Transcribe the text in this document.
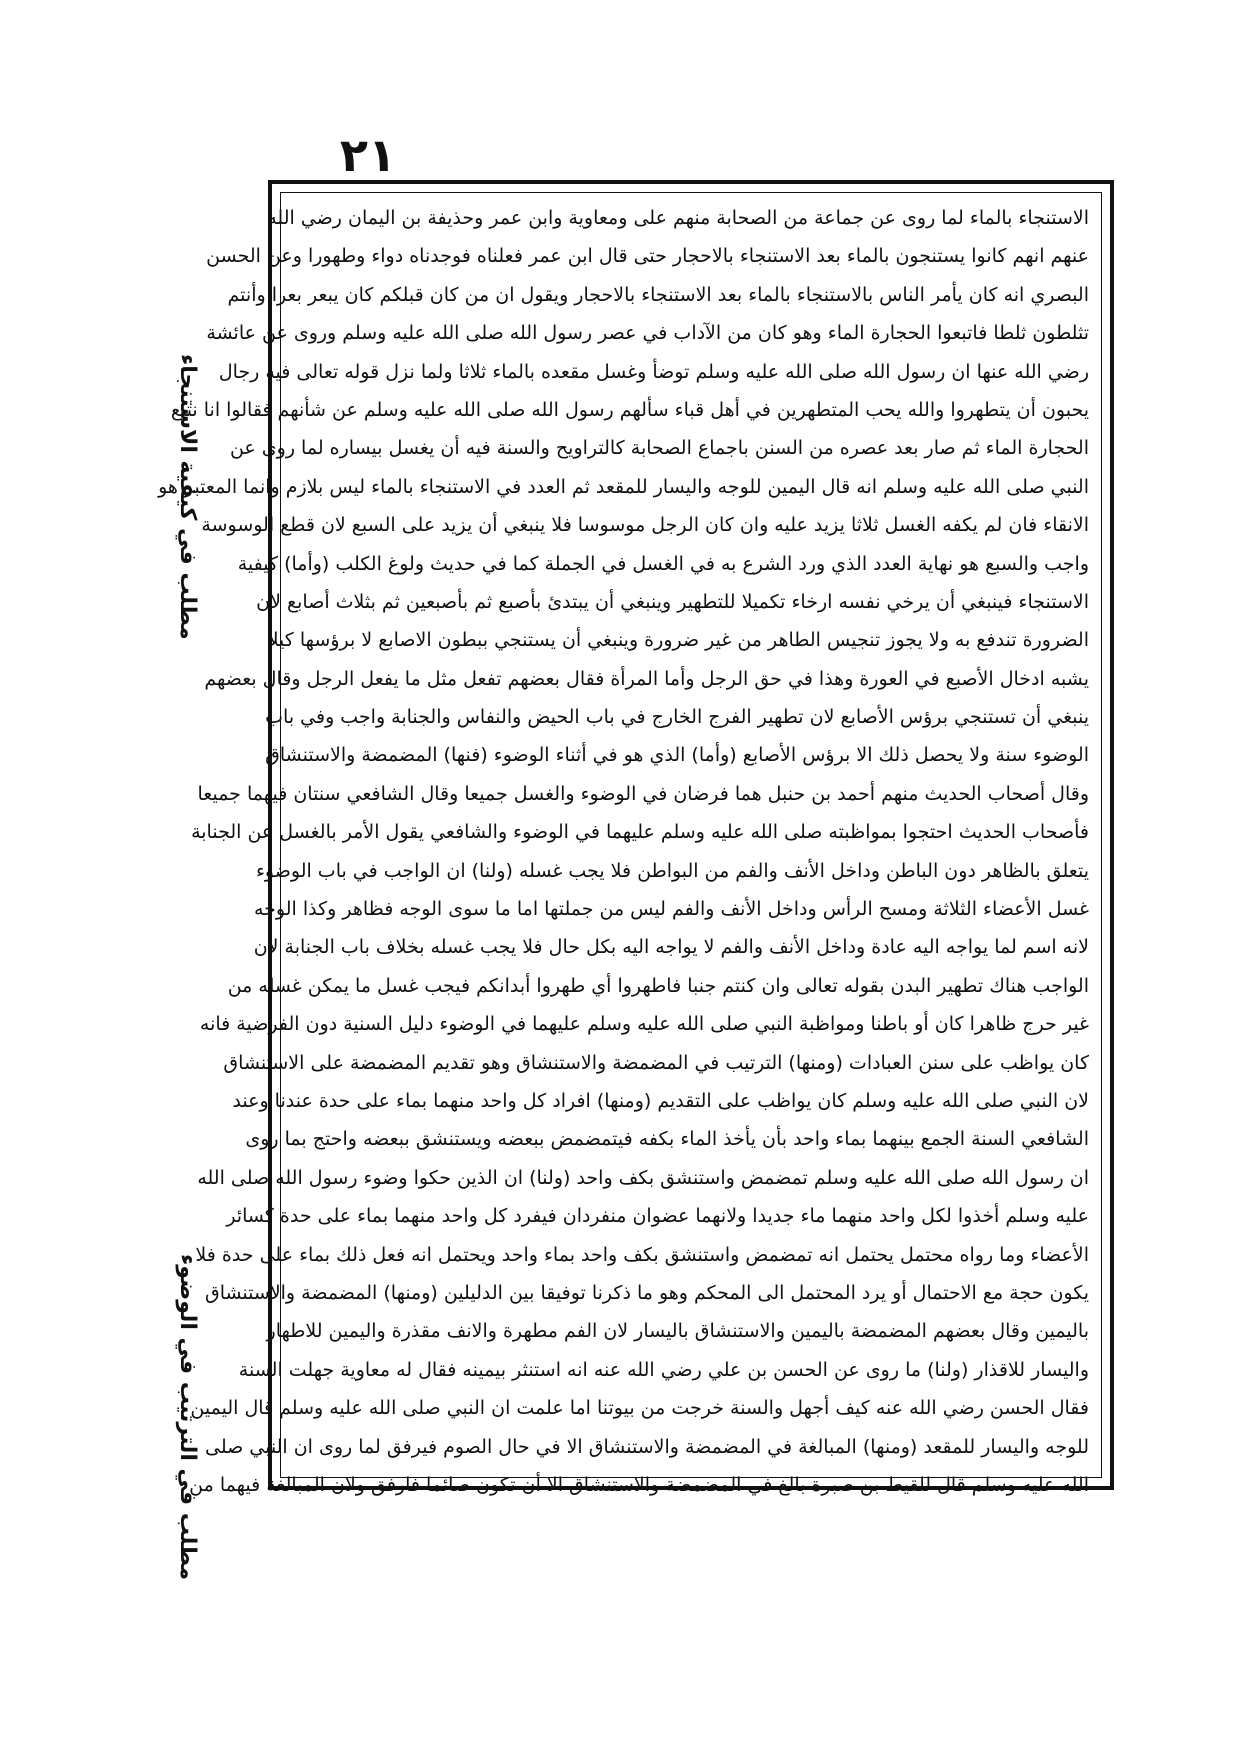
٢١
مطلب في كيفية الاستنجاء
مطلب في الترتيب في الوضوء
الاستنجاء بالماء لما روى عن جماعة من الصحابة منهم على ومعاوية وابن عمر وحذيفة بن اليمان رضي الله
عنهم انهم كانوا يستنجون بالماء بعد الاستنجاء بالاحجار حتى قال ابن عمر فعلناه فوجدناه دواء وطهورا وعن الحسن
البصري انه كان يأمر الناس بالاستنجاء بالماء بعد الاستنجاء بالاحجار ويقول ان من كان قبلكم كان يبعر بعرا وأنتم
تثلطون ثلطا فاتبعوا الحجارة الماء وهو كان من الآداب في عصر رسول الله صلى الله عليه وسلم وروى عن عائشة
رضي الله عنها ان رسول الله صلى الله عليه وسلم توضأ وغسل مقعده بالماء ثلاثا ولما نزل قوله تعالى فيه رجال
يحبون أن يتطهروا والله يحب المتطهرين في أهل قباء سألهم رسول الله صلى الله عليه وسلم عن شأنهم فقالوا انا نتبع
الحجارة الماء ثم صار بعد عصره من السنن باجماع الصحابة كالتراويح والسنة فيه أن يغسل بيساره لما روى عن
النبي صلى الله عليه وسلم انه قال اليمين للوجه واليسار للمقعد ثم العدد في الاستنجاء بالماء ليس بلازم وانما المعتبر هو
الانقاء فان لم يكفه الغسل ثلاثا يزيد عليه وان كان الرجل موسوسا فلا ينبغي أن يزيد على السبع لان قطع الوسوسة
واجب والسبع هو نهاية العدد الذي ورد الشرع به في الغسل في الجملة كما في حديث ولوغ الكلب (وأما) كيفية
الاستنجاء فينبغي أن يرخي نفسه ارخاء تكميلا للتطهير وينبغي أن يبتدئ بأصبع ثم بأصبعين ثم بثلاث أصابع لان
الضرورة تندفع به ولا يجوز تنجيس الطاهر من غير ضرورة وينبغي أن يستنجي ببطون الاصابع لا برؤسها كيلا
يشبه ادخال الأصبع في العورة وهذا في حق الرجل وأما المرأة فقال بعضهم تفعل مثل ما يفعل الرجل وقال بعضهم
ينبغي أن تستنجي برؤس الأصابع لان تطهير الفرج الخارج في باب الحيض والنفاس والجنابة واجب وفي باب
الوضوء سنة ولا يحصل ذلك الا برؤس الأصابع (وأما) الذي هو في أثناء الوضوء (فنها) المضمضة والاستنشاق
وقال أصحاب الحديث منهم أحمد بن حنبل هما فرضان في الوضوء والغسل جميعا وقال الشافعي سنتان فيهما جميعا
فأصحاب الحديث احتجوا بمواظبته صلى الله عليه وسلم عليهما في الوضوء والشافعي يقول الأمر بالغسل عن الجنابة
يتعلق بالظاهر دون الباطن وداخل الأنف والفم من البواطن فلا يجب غسله (ولنا) ان الواجب في باب الوضوء
غسل الأعضاء الثلاثة ومسح الرأس وداخل الأنف والفم ليس من جملتها اما ما سوى الوجه فظاهر وكذا الوجه
لانه اسم لما يواجه اليه عادة وداخل الأنف والفم لا يواجه اليه بكل حال فلا يجب غسله بخلاف باب الجنابة لان
الواجب هناك تطهير البدن بقوله تعالى وان كنتم جنبا فاطهروا أي طهروا أبدانكم فيجب غسل ما يمكن غسله من
غير حرج ظاهرا كان أو باطنا ومواظبة النبي صلى الله عليه وسلم عليهما في الوضوء دليل السنية دون الفرضية فانه
كان يواظب على سنن العبادات (ومنها) الترتيب في المضمضة والاستنشاق وهو تقديم المضمضة على الاستنشاق
لان النبي صلى الله عليه وسلم كان يواظب على التقديم (ومنها) افراد كل واحد منهما بماء على حدة عندنا وعند
الشافعي السنة الجمع بينهما بماء واحد بأن يأخذ الماء بكفه فيتمضمض ببعضه ويستنشق ببعضه واحتج بما روى
ان رسول الله صلى الله عليه وسلم تمضمض واستنشق بكف واحد (ولنا) ان الذين حكوا وضوء رسول الله صلى الله
عليه وسلم أخذوا لكل واحد منهما ماء جديدا ولانهما عضوان منفردان فيفرد كل واحد منهما بماء على حدة كسائر
الأعضاء وما رواه محتمل يحتمل انه تمضمض واستنشق بكف واحد بماء واحد ويحتمل انه فعل ذلك بماء على حدة فلا
يكون حجة مع الاحتمال أو يرد المحتمل الى المحكم وهو ما ذكرنا توفيقا بين الدليلين (ومنها) المضمضة والاستنشاق
باليمين وقال بعضهم المضمضة باليمين والاستنشاق باليسار لان الفم مطهرة والانف مقذرة واليمين للاطهار
واليسار للاقذار (ولنا) ما روى عن الحسن بن علي رضي الله عنه انه استنثر بيمينه فقال له معاوية جهلت السنة
فقال الحسن رضي الله عنه كيف أجهل والسنة خرجت من بيوتنا اما علمت ان النبي صلى الله عليه وسلم قال اليمين
للوجه واليسار للمقعد (ومنها) المبالغة في المضمضة والاستنشاق الا في حال الصوم فيرفق لما روى ان النبي صلى
الله عليه وسلم قال للقيط بن صبرة بالغ في المضمضة والاستنشاق الا أن تكون صائما فارفق ولان المبالغة فيهما من
